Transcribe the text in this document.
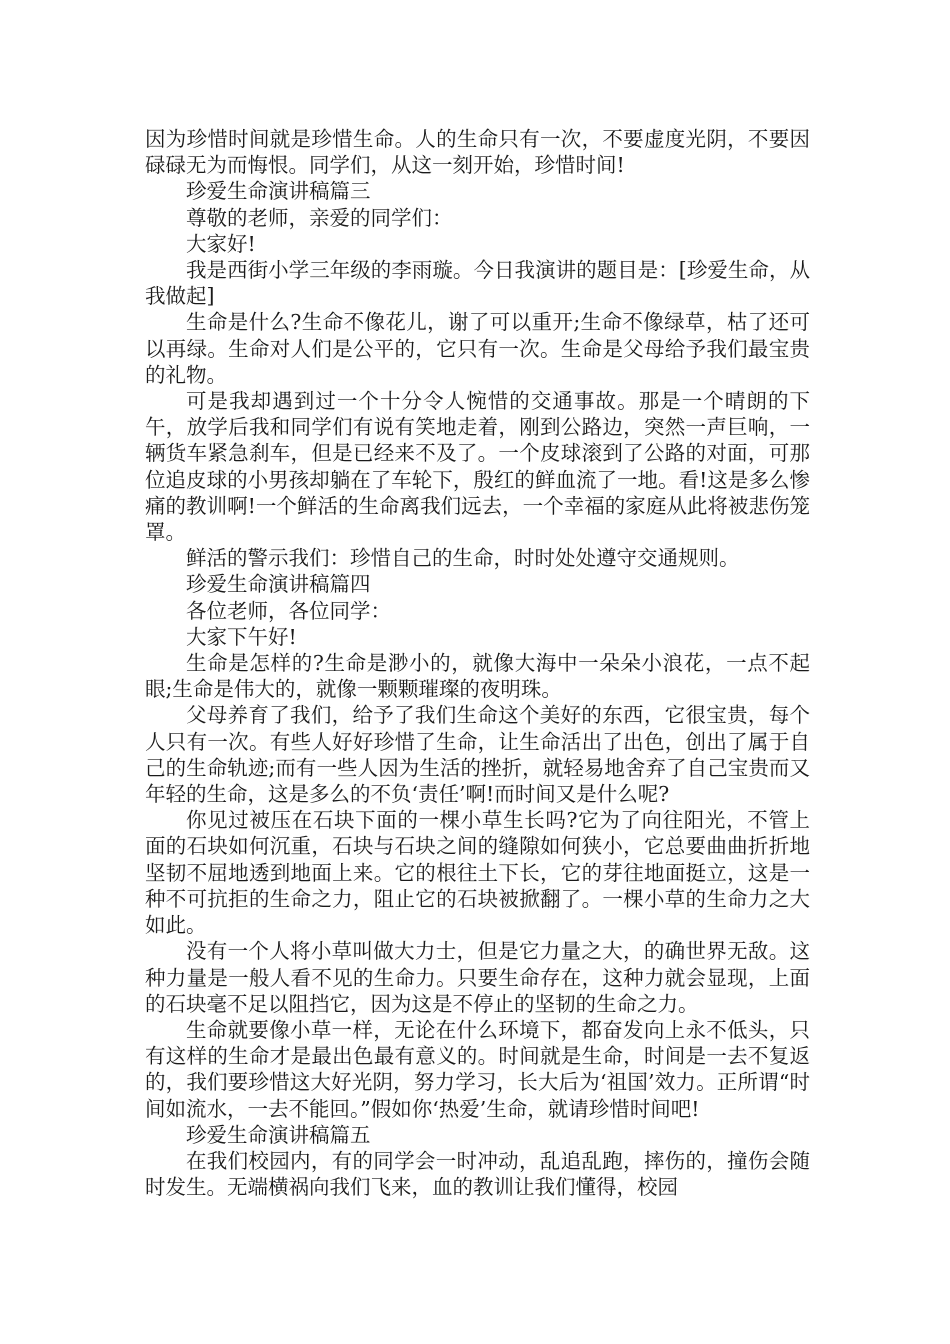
因为珍惜时间就是珍惜生命。人的生命只有一次，不要虚度光阴，不要因碌碌无为而悔恨。同学们，从这一刻开始，珍惜时间!

珍爱生命演讲稿篇三

尊敬的老师，亲爱的同学们：

大家好!

我是西街小学三年级的李雨璇。今日我演讲的题目是：[珍爱生命，从我做起]

生命是什么?生命不像花儿，谢了可以重开;生命不像绿草，枯了还可以再绿。生命对人们是公平的，它只有一次。生命是父母给予我们最宝贵的礼物。

可是我却遇到过一个十分令人惋惜的交通事故。那是一个晴朗的下午，放学后我和同学们有说有笑地走着，刚到公路边，突然一声巨响，一辆货车紧急刹车，但是已经来不及了。一个皮球滚到了公路的对面，可那位追皮球的小男孩却躺在了车轮下，殷红的鲜血流了一地。看!这是多么惨痛的教训啊!一个鲜活的生命离我们远去，一个幸福的家庭从此将被悲伤笼罩。

鲜活的警示我们：珍惜自己的生命，时时处处遵守交通规则。

珍爱生命演讲稿篇四

各位老师，各位同学：

大家下午好!

生命是怎样的?生命是渺小的，就像大海中一朵朵小浪花，一点不起眼;生命是伟大的，就像一颗颗璀璨的夜明珠。

父母养育了我们，给予了我们生命这个美好的东西，它很宝贵，每个人只有一次。有些人好好珍惜了生命，让生命活出了出色，创出了属于自己的生命轨迹;而有一些人因为生活的挫折，就轻易地舍弃了自己宝贵而又年轻的生命，这是多么的不负‘责任’啊!而时间又是什么呢?

你见过被压在石块下面的一棵小草生长吗?它为了向往阳光，不管上面的石块如何沉重，石块与石块之间的缝隙如何狭小，它总要曲曲折折地坚韧不屈地透到地面上来。它的根往土下长，它的芽往地面挺立，这是一种不可抗拒的生命之力，阻止它的石块被掀翻了。一棵小草的生命力之大如此。

没有一个人将小草叫做大力士，但是它力量之大，的确世界无敌。这种力量是一般人看不见的生命力。只要生命存在，这种力就会显现，上面的石块毫不足以阻挡它，因为这是不停止的坚韧的生命之力。

生命就要像小草一样，无论在什么环境下，都奋发向上永不低头，只有这样的生命才是最出色最有意义的。时间就是生命，时间是一去不复返的，我们要珍惜这大好光阴，努力学习，长大后为‘祖国’效力。正所谓“时间如流水，一去不能回。”假如你‘热爱’生命，就请珍惜时间吧!

珍爱生命演讲稿篇五

在我们校园内，有的同学会一时冲动，乱追乱跑，摔伤的，撞伤会随时发生。无端横祸向我们飞来，血的教训让我们懂得，校园
